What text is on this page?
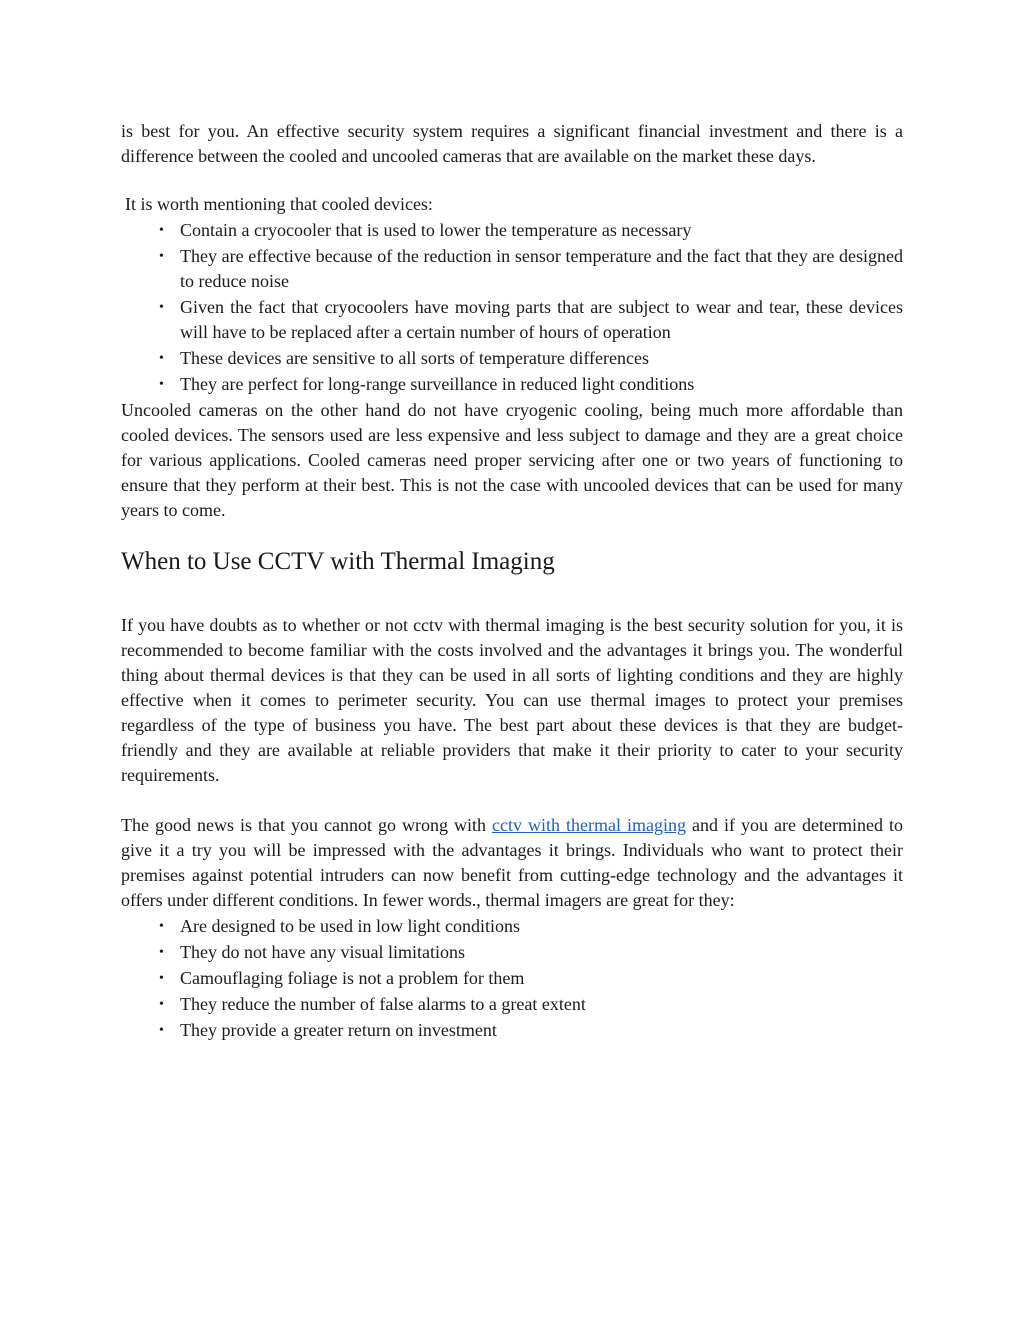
is best for you. An effective security system requires a significant financial investment and there is a difference between the cooled and uncooled cameras that are available on the market these days.

It is worth mentioning that cooled devices:

• Contain a cryocooler that is used to lower the temperature as necessary
• They are effective because of the reduction in sensor temperature and the fact that they are designed to reduce noise
• Given the fact that cryocoolers have moving parts that are subject to wear and tear, these devices will have to be replaced after a certain number of hours of operation
• These devices are sensitive to all sorts of temperature differences
• They are perfect for long-range surveillance in reduced light conditions

Uncooled cameras on the other hand do not have cryogenic cooling, being much more affordable than cooled devices. The sensors used are less expensive and less subject to damage and they are a great choice for various applications. Cooled cameras need proper servicing after one or two years of functioning to ensure that they perform at their best. This is not the case with uncooled devices that can be used for many years to come.

When to Use CCTV with Thermal Imaging

If you have doubts as to whether or not cctv with thermal imaging is the best security solution for you, it is recommended to become familiar with the costs involved and the advantages it brings you. The wonderful thing about thermal devices is that they can be used in all sorts of lighting conditions and they are highly effective when it comes to perimeter security. You can use thermal images to protect your premises regardless of the type of business you have. The best part about these devices is that they are budget-friendly and they are available at reliable providers that make it their priority to cater to your security requirements.

The good news is that you cannot go wrong with cctv with thermal imaging and if you are determined to give it a try you will be impressed with the advantages it brings. Individuals who want to protect their premises against potential intruders can now benefit from cutting-edge technology and the advantages it offers under different conditions. In fewer words., thermal imagers are great for they:

• Are designed to be used in low light conditions
• They do not have any visual limitations
• Camouflaging foliage is not a problem for them
• They reduce the number of false alarms to a great extent
• They provide a greater return on investment
